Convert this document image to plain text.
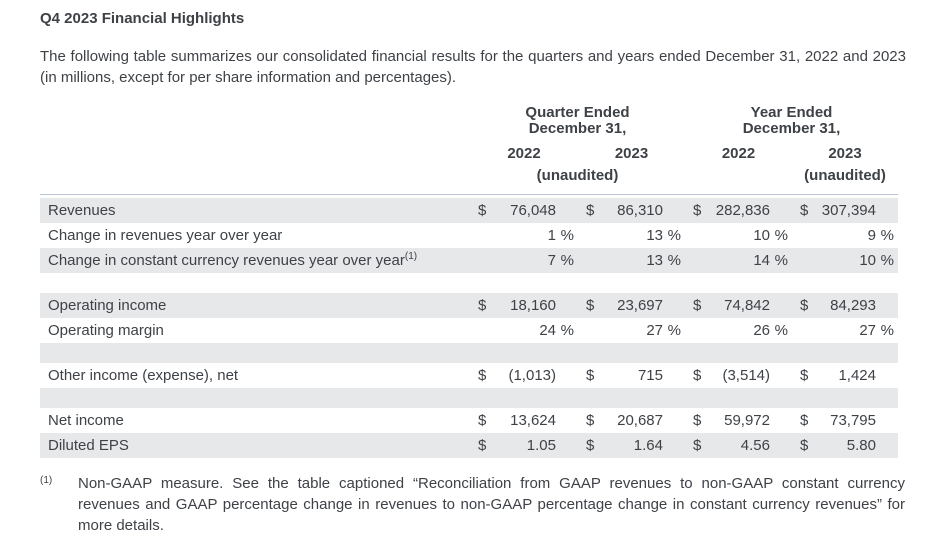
Q4 2023 Financial Highlights

The following table summarizes our consolidated financial results for the quarters and years ended December 31, 2022 and 2023 (in millions, except for per share information and percentages).

Quarter Ended
December 31,
Year Ended
December 31,
2022	2023	2022	2023
(unaudited)	(unaudited)
Revenues	$	76,048 $	86,310 $ 282,836 $ 307,394
Change in revenues year over year	1 %	13 %	10 %	9 %
Change in constant currency revenues year over year$^{(1)}$	7 %	13 %	14 %	10 %
Operating income	$	18,160 $	23,697 $	74,842 $	84,293
Operating margin	24 %	27 %	26 %	27 %
Other income (expense), net	$	(1,013) $	715 $	(3,514) $	1,424
Net income	$	13,624 $	20,687 $	59,972 $	73,795
Diluted EPS	$	1.05 $	1.64 $	4.56 $	5.80
(1)	Non-GAAP measure. See the table captioned “Reconciliation from GAAP revenues to non-GAAP constant currency revenues and GAAP percentage change in revenues to non-GAAP percentage change in constant currency revenues” for more details.
